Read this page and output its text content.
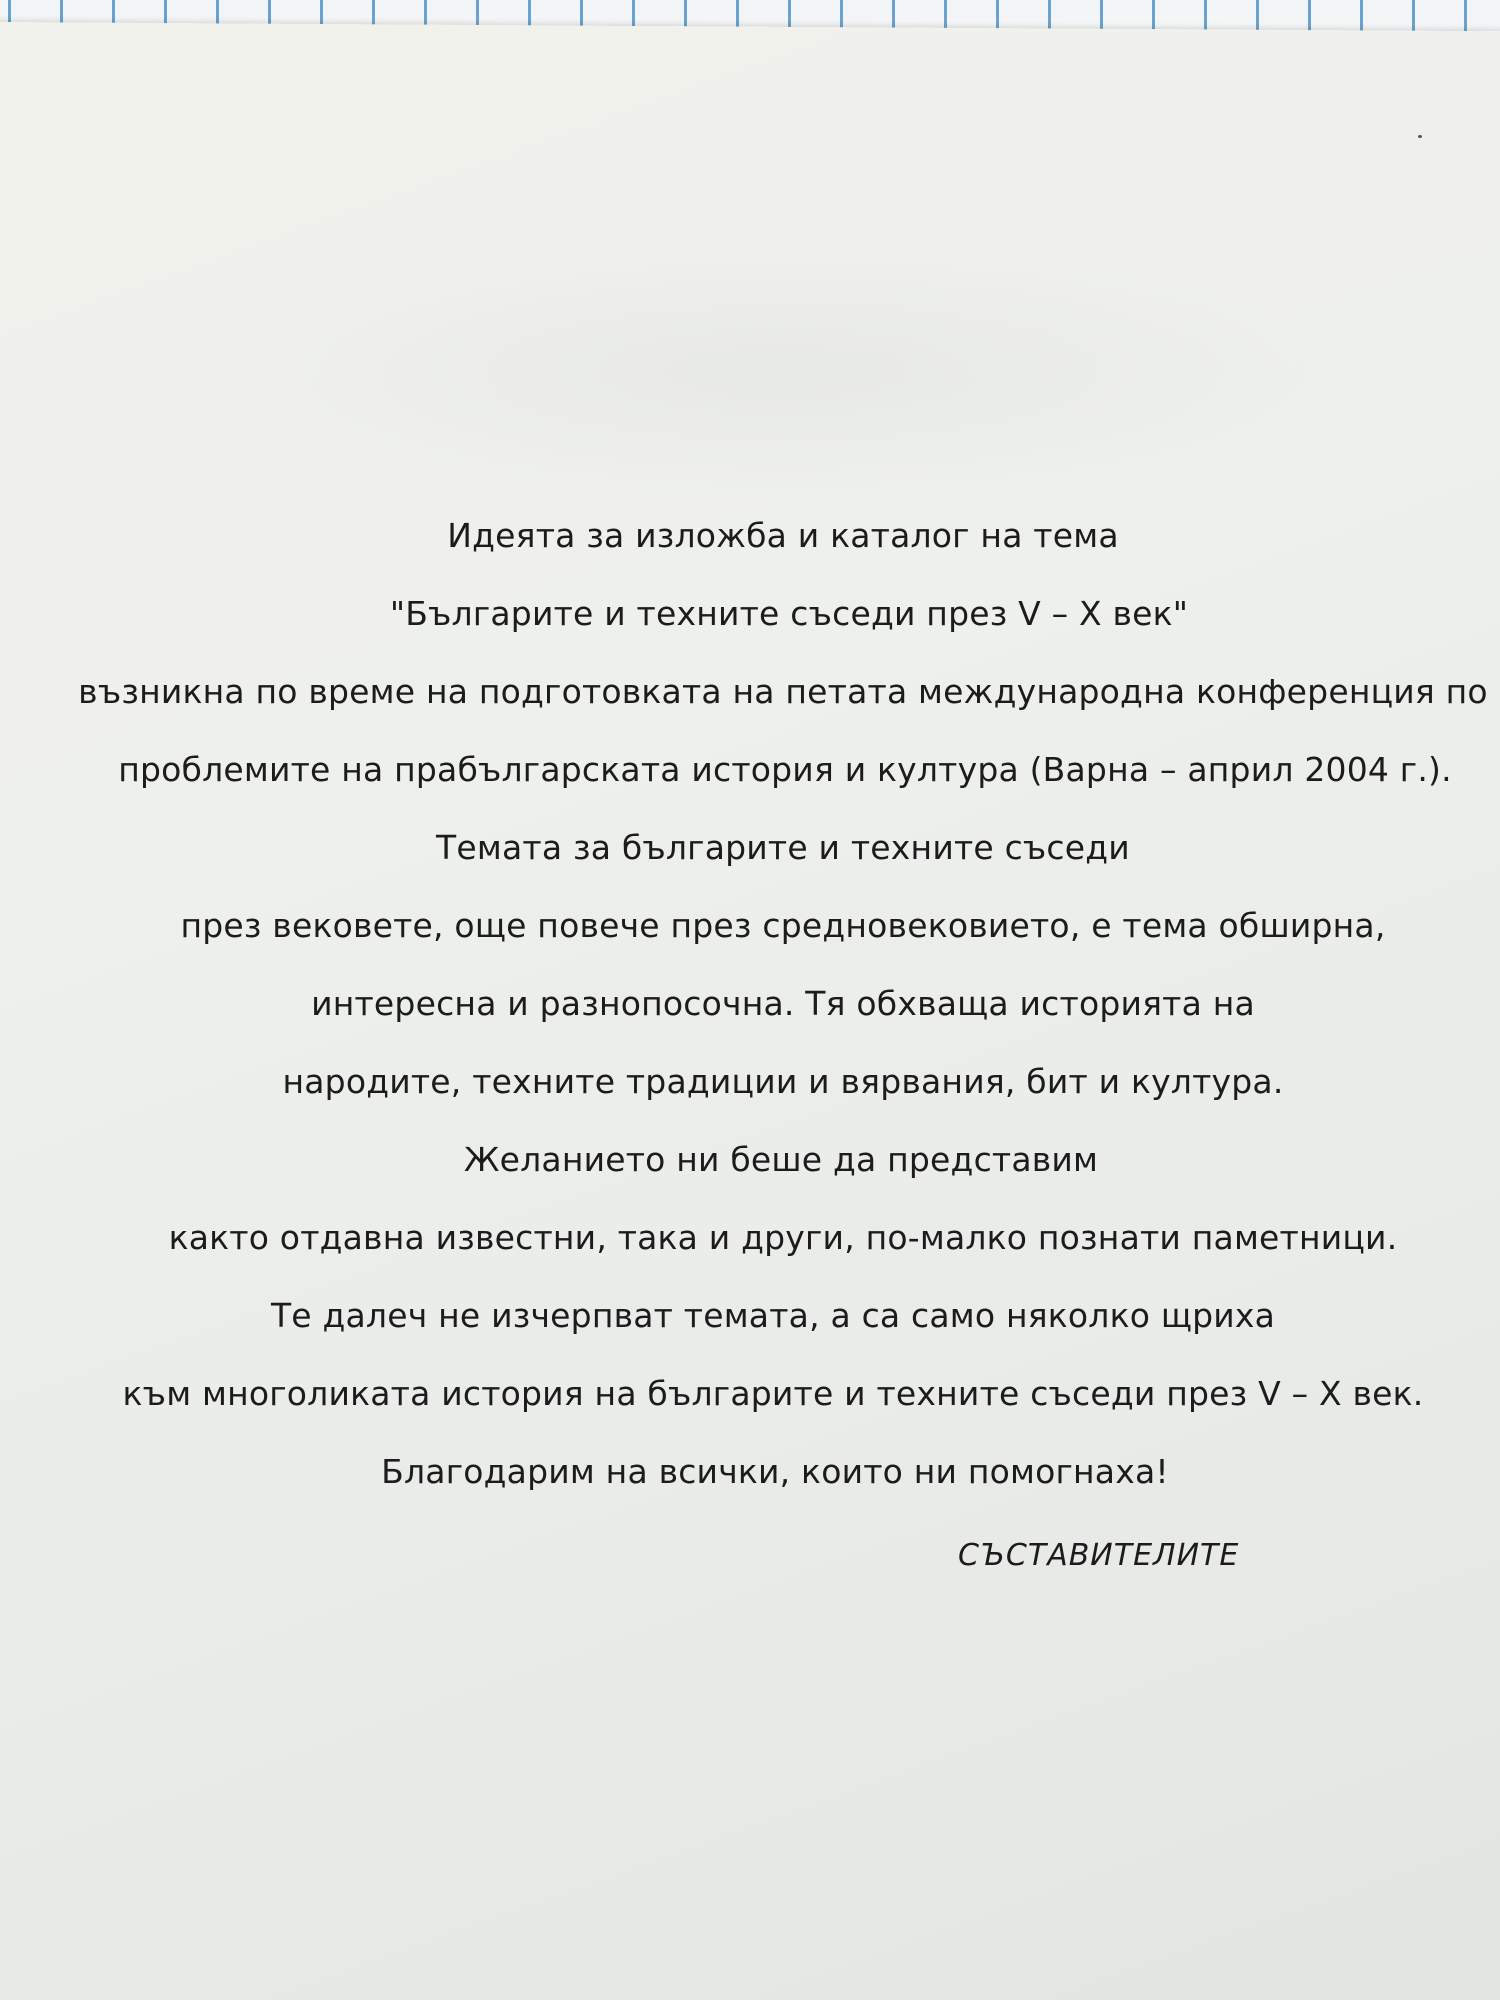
Идеята за изложба и каталог на тема
"Българите и техните съседи през V – X век"
възникна по време на подготовката на петата международна конференция по
проблемите на прабългарската история и култура (Варна – април 2004 г.).
Темата за българите и техните съседи
през вековете, още повече през средновековието, е тема обширна,
интересна и разнопосочна. Тя обхваща историята на
народите, техните традиции и вярвания, бит и култура.
Желанието ни беше да представим
както отдавна известни, така и други, по-малко познати паметници.
Те далеч не изчерпват темата, а са само няколко щриха
към многоликата история на българите и техните съседи през V – X век.
Благодарим на всички, които ни помогнаха!
СЪСТАВИТЕЛИТЕ
